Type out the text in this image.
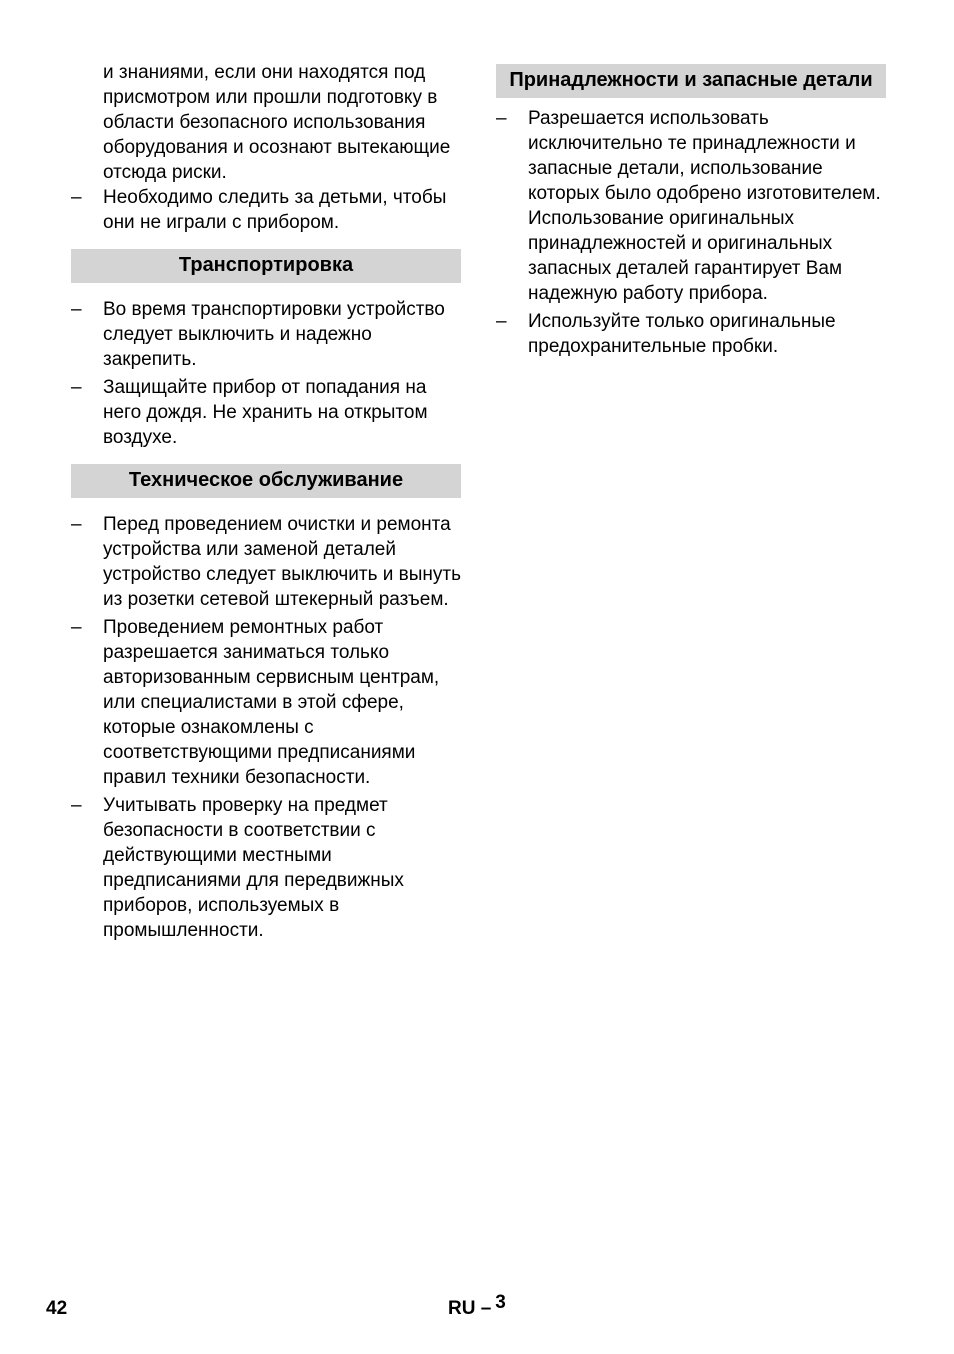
и знаниями, если они находятся под присмотром или прошли подготовку в области безопасного использования оборудования и осознают вытекающие отсюда риски.

–	Необходимо следить за детьми, чтобы они не играли с прибором.
Транспортировка
–	Во время транспортировки устройство следует выключить и надежно закрепить.
–	Защищайте прибор от попадания на него дождя. Не хранить на открытом воздухе.
Техническое обслуживание
–	Перед проведением очистки и ремонта устройства или заменой деталей устройство следует выключить и вынуть из розетки сетевой штекерный разъем.
–	Проведением ремонтных работ разрешается заниматься только авторизованным сервисным центрам, или специалистами в этой сфере, которые ознакомлены с соответствующими предписаниями правил техники безопасности.
–	Учитывать проверку на предмет безопасности в соответствии с действующими местными предписаниями для передвижных приборов, используемых в промышленности.
Принадлежности и запасные детали
–	Разрешается использовать исключительно те принадлежности и запасные детали, использование которых было одобрено изготовителем. Использование оригинальных принадлежностей и оригинальных запасных деталей гарантирует Вам надежную работу прибора.
–	Используйте только оригинальные предохранительные пробки.
42	RU – 3
